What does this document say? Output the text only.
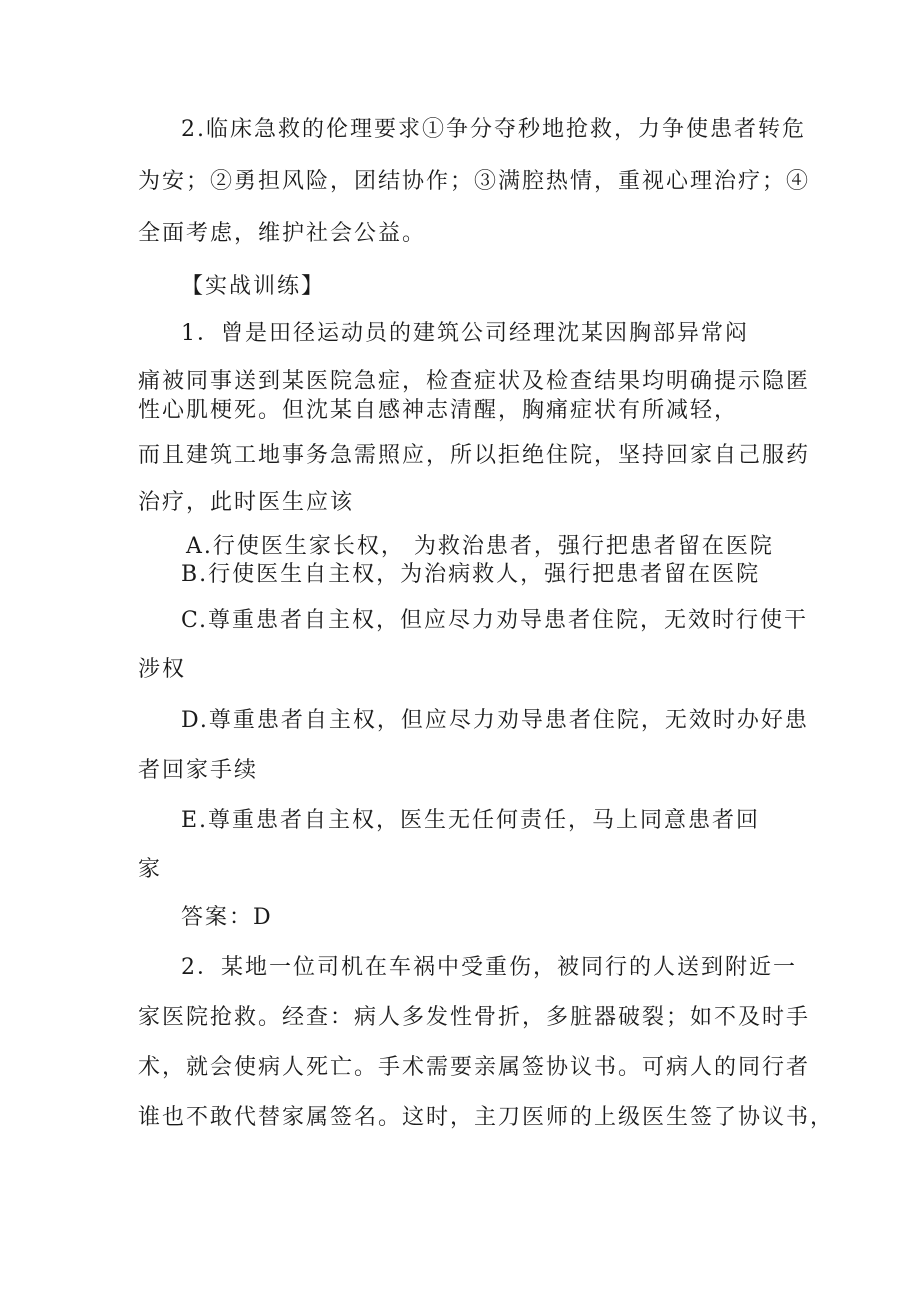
2.临床急救的伦理要求①争分夺秒地抢救，力争使患者转危
为安；②勇担风险，团结协作；③满腔热情，重视心理治疗；④
全面考虑，维护社会公益。
【实战训练】
1．曾是田径运动员的建筑公司经理沈某因胸部异常闷
痛被同事送到某医院急症，检查症状及检查结果均明确提示隐匿
性心肌梗死。但沈某自感神志清醒，胸痛症状有所减轻，
而且建筑工地事务急需照应，所以拒绝住院，坚持回家自己服药
治疗，此时医生应该
A.行使医生家长权， 为救治患者，强行把患者留在医院
B.行使医生自主权，为治病救人，强行把患者留在医院
C.尊重患者自主权，但应尽力劝导患者住院，无效时行使干
涉权
D.尊重患者自主权，但应尽力劝导患者住院，无效时办好患
者回家手续
E.尊重患者自主权，医生无任何责任，马上同意患者回
家
答案：D
2．某地一位司机在车祸中受重伤，被同行的人送到附近一
家医院抢救。经查：病人多发性骨折，多脏器破裂；如不及时手
术，就会使病人死亡。手术需要亲属签协议书。可病人的同行者
谁也不敢代替家属签名。这时，主刀医师的上级医生签了协议书，
